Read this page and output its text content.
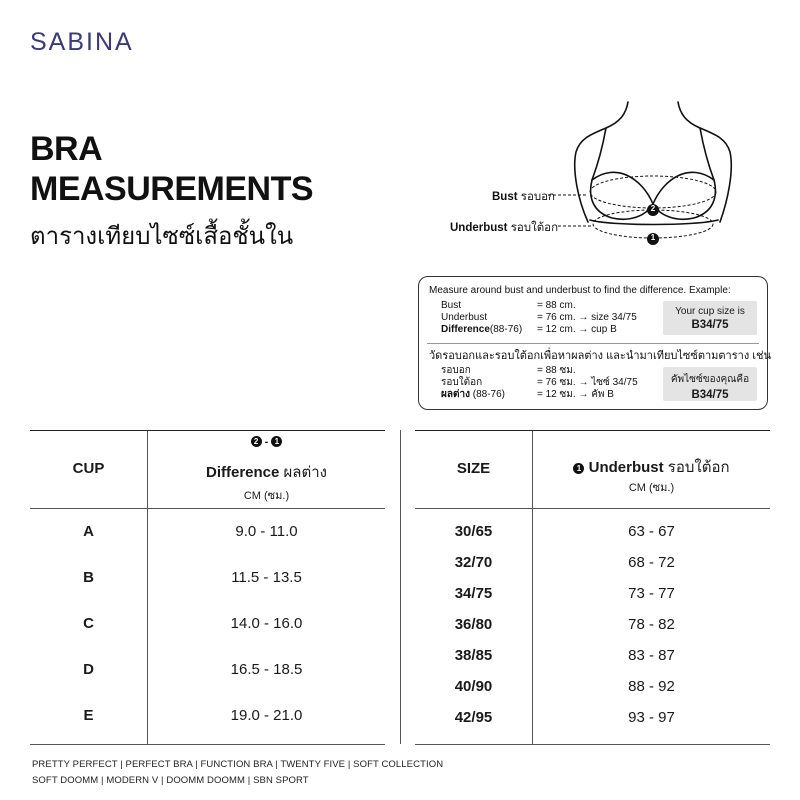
SABINA
BRA
MEASUREMENTS
ตารางเทียบไซซ์เสื้อชั้นใน
Bust รอบอก
Underbust รอบใต้อก
2
1
Measure around bust and underbust to find the difference. Example:
Bust	= 88 cm.
Underbust	= 76 cm. → size 34/75
Difference(88-76) = 12 cm. → cup B
Your cup size is
B34/75
วัดรอบอกและรอบใต้อกเพื่อหาผลต่าง และนำมาเทียบไซซ์ตามตาราง เช่น
รอบอก	= 88 ซม.
รอบใต้อก	= 76 ซม. → ไซซ์ 34/75
ผลต่าง (88-76)	= 12 ซม. → คัพ B
คัพไซซ์ของคุณคือ
B34/75
CUP
2 - 1
Difference ผลต่าง
CM (ซม.)
A	9.0 - 11.0
B	11.5 - 13.5
C	14.0 - 16.0
D	16.5 - 18.5
E	19.0 - 21.0
SIZE	1 Underbust รอบใต้อก
CM (ซม.)
30/65	63 - 67
32/70	68 - 72
34/75	73 - 77
36/80	78 - 82
38/85	83 - 87
40/90	88 - 92
42/95	93 - 97
PRETTY PERFECT | PERFECT BRA | FUNCTION BRA | TWENTY FIVE | SOFT COLLECTION
SOFT DOOMM | MODERN V | DOOMM DOOMM | SBN SPORT
